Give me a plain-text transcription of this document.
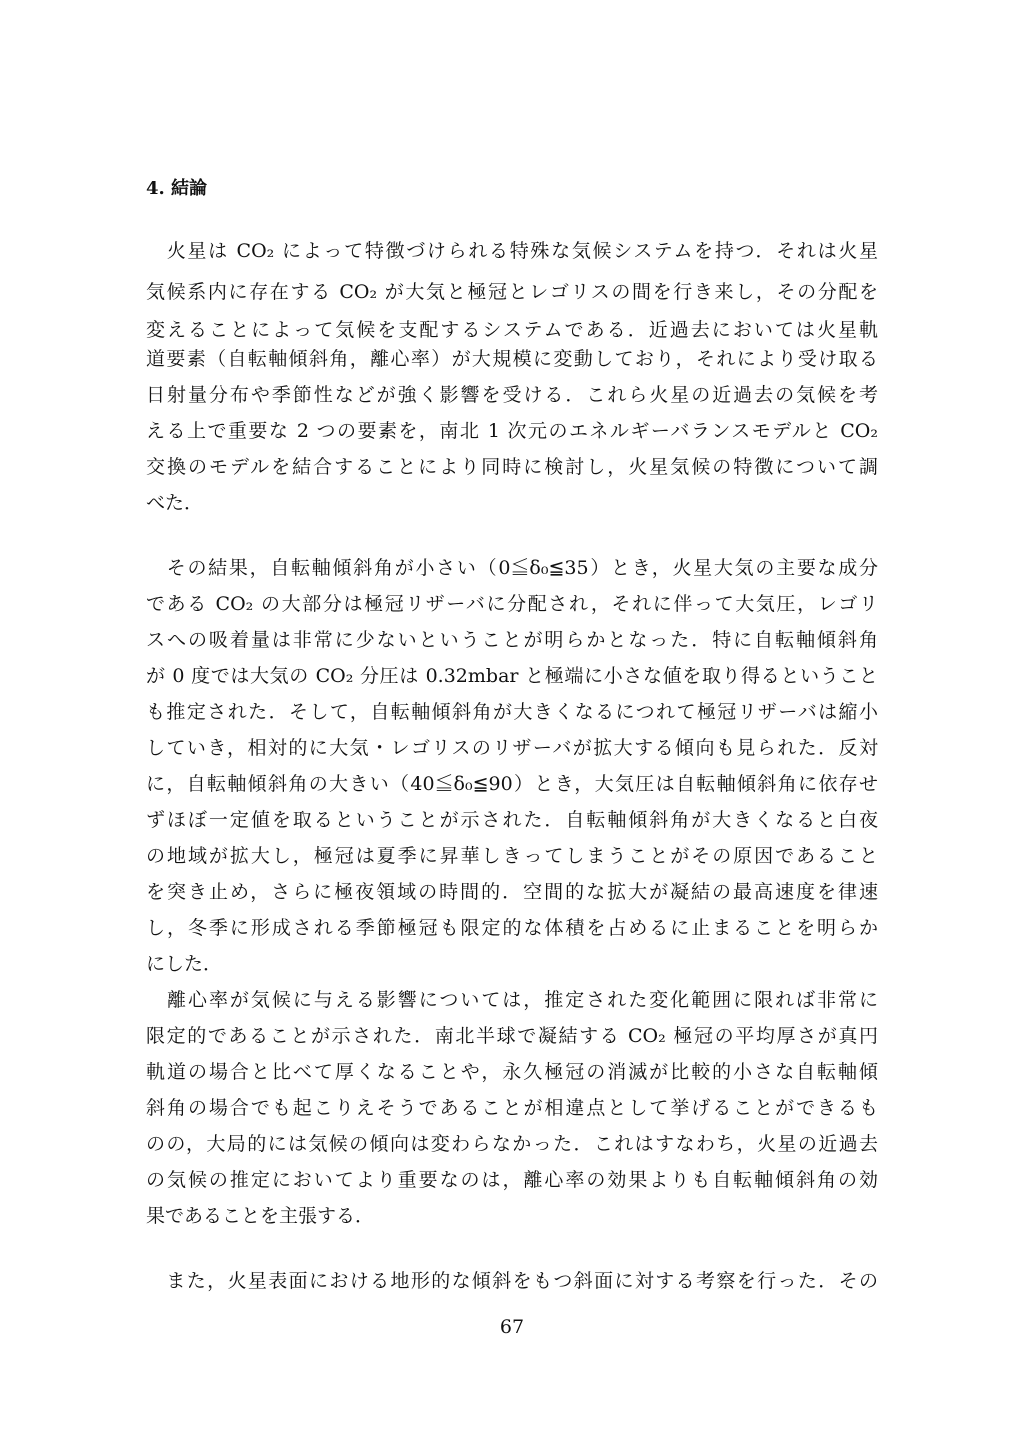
4. 結論
　火星は CO₂ によって特徴づけられる特殊な気候システムを持つ．それは火星
気候系内に存在する CO₂ が大気と極冠とレゴリスの間を行き来し，その分配を
変えることによって気候を支配するシステムである．近過去においては火星軌
道要素（自転軸傾斜角，離心率）が大規模に変動しており，それにより受け取る
日射量分布や季節性などが強く影響を受ける．これら火星の近過去の気候を考
える上で重要な 2 つの要素を，南北 1 次元のエネルギーバランスモデルと CO₂
交換のモデルを結合することにより同時に検討し，火星気候の特徴について調
べた．
　その結果，自転軸傾斜角が小さい（0≦δ₀≦35）とき，火星大気の主要な成分
である CO₂ の大部分は極冠リザーバに分配され，それに伴って大気圧，レゴリ
スへの吸着量は非常に少ないということが明らかとなった．特に自転軸傾斜角
が 0 度では大気の CO₂ 分圧は 0.32mbar と極端に小さな値を取り得るということ
も推定された．そして，自転軸傾斜角が大きくなるにつれて極冠リザーバは縮小
していき，相対的に大気・レゴリスのリザーバが拡大する傾向も見られた．反対
に，自転軸傾斜角の大きい（40≦δ₀≦90）とき，大気圧は自転軸傾斜角に依存せ
ずほぼ一定値を取るということが示された．自転軸傾斜角が大きくなると白夜
の地域が拡大し，極冠は夏季に昇華しきってしまうことがその原因であること
を突き止め，さらに極夜領域の時間的．空間的な拡大が凝結の最高速度を律速
し，冬季に形成される季節極冠も限定的な体積を占めるに止まることを明らか
にした．
　離心率が気候に与える影響については，推定された変化範囲に限れば非常に
限定的であることが示された．南北半球で凝結する CO₂ 極冠の平均厚さが真円
軌道の場合と比べて厚くなることや，永久極冠の消滅が比較的小さな自転軸傾
斜角の場合でも起こりえそうであることが相違点として挙げることができるも
のの，大局的には気候の傾向は変わらなかった．これはすなわち，火星の近過去
の気候の推定においてより重要なのは，離心率の効果よりも自転軸傾斜角の効
果であることを主張する．
　また，火星表面における地形的な傾斜をもつ斜面に対する考察を行った．その
67
